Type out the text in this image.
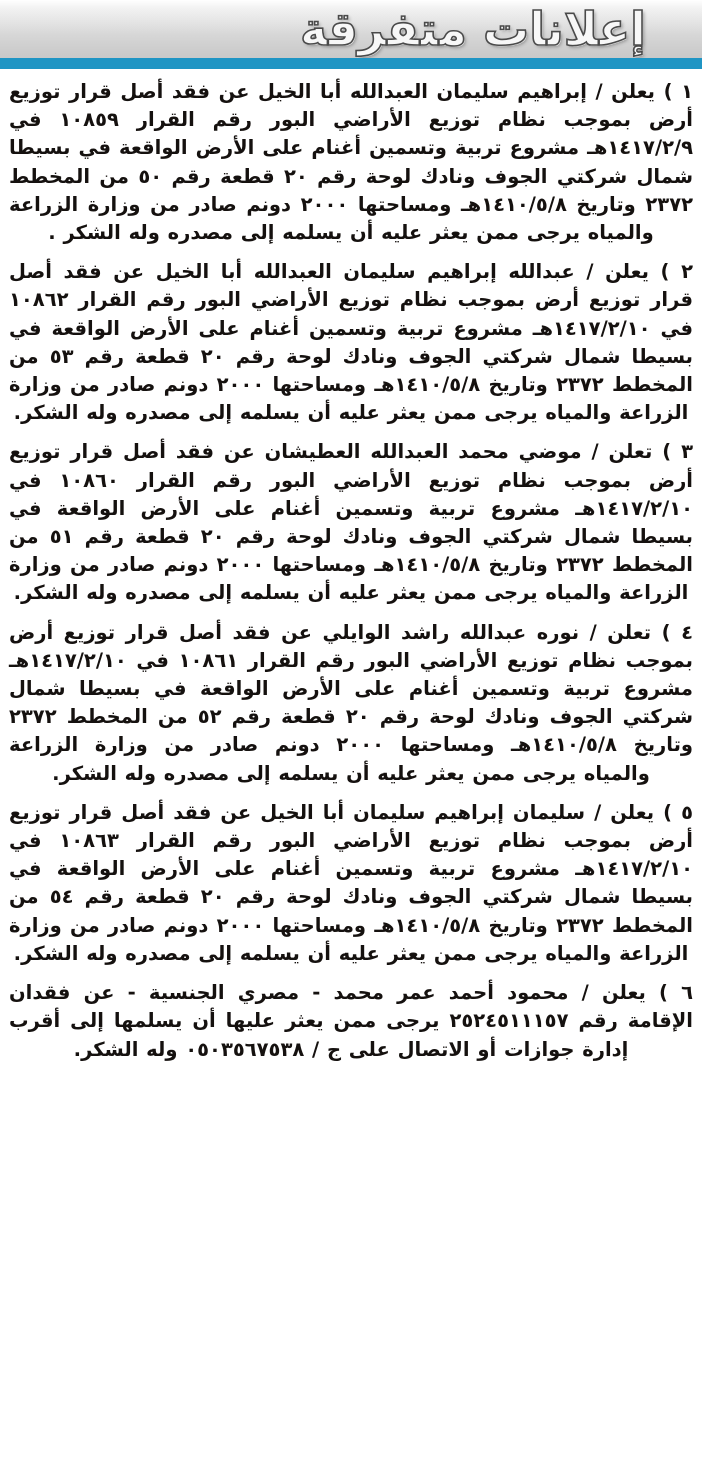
إعلانات متفرقة

١ ) يعلن / إبراهيم سليمان العبدالله أبا الخيل عن فقد أصل قرار توزيع أرض بموجب نظام توزيع الأراضي البور رقم القرار ١٠٨٥٩ في ١٤١٧/٢/٩هـ مشروع تربية وتسمين أغنام على الأرض الواقعة في بسيطا شمال شركتي الجوف ونادك لوحة رقم ٢٠ قطعة رقم ٥٠ من المخطط ٢٣٧٢ وتاريخ ١٤١٠/٥/٨هـ ومساحتها ٢٠٠٠ دونم صادر من وزارة الزراعة والمياه يرجى ممن يعثر عليه أن يسلمه إلى مصدره وله الشكر .

٢ ) يعلن / عبدالله إبراهيم سليمان العبدالله أبا الخيل عن فقد أصل قرار توزيع أرض بموجب نظام توزيع الأراضي البور رقم القرار ١٠٨٦٢ في ١٤١٧/٢/١٠هـ مشروع تربية وتسمين أغنام على الأرض الواقعة في بسيطا شمال شركتي الجوف ونادك لوحة رقم ٢٠ قطعة رقم ٥٣ من المخطط ٢٣٧٢ وتاريخ ١٤١٠/٥/٨هـ ومساحتها ٢٠٠٠ دونم صادر من وزارة الزراعة والمياه يرجى ممن يعثر عليه أن يسلمه إلى مصدره وله الشكر.

٣ ) تعلن / موضي محمد العبدالله العطيشان عن فقد أصل قرار توزيع أرض بموجب نظام توزيع الأراضي البور رقم القرار ١٠٨٦٠ في ١٤١٧/٢/١٠هـ مشروع تربية وتسمين أغنام على الأرض الواقعة في بسيطا شمال شركتي الجوف ونادك لوحة رقم ٢٠ قطعة رقم ٥١ من المخطط ٢٣٧٢ وتاريخ ١٤١٠/٥/٨هـ ومساحتها ٢٠٠٠ دونم صادر من وزارة الزراعة والمياه يرجى ممن يعثر عليه أن يسلمه إلى مصدره وله الشكر.

٤ ) تعلن / نوره عبدالله راشد الوايلي عن فقد أصل قرار توزيع أرض بموجب نظام توزيع الأراضي البور رقم القرار ١٠٨٦١ في ١٤١٧/٢/١٠هـ مشروع تربية وتسمين أغنام على الأرض الواقعة في بسيطا شمال شركتي الجوف ونادك لوحة رقم ٢٠ قطعة رقم ٥٢ من المخطط ٢٣٧٢ وتاريخ ١٤١٠/٥/٨هـ ومساحتها ٢٠٠٠ دونم صادر من وزارة الزراعة والمياه يرجى ممن يعثر عليه أن يسلمه إلى مصدره وله الشكر.

٥ ) يعلن / سليمان إبراهيم سليمان أبا الخيل عن فقد أصل قرار توزيع أرض بموجب نظام توزيع الأراضي البور رقم القرار ١٠٨٦٣ في ١٤١٧/٢/١٠هـ مشروع تربية وتسمين أغنام على الأرض الواقعة في بسيطا شمال شركتي الجوف ونادك لوحة رقم ٢٠ قطعة رقم ٥٤ من المخطط ٢٣٧٢ وتاريخ ١٤١٠/٥/٨هـ ومساحتها ٢٠٠٠ دونم صادر من وزارة الزراعة والمياه يرجى ممن يعثر عليه أن يسلمه إلى مصدره وله الشكر.

٦ ) يعلن / محمود أحمد عمر محمد - مصري الجنسية - عن فقدان الإقامة رقم ٢٥٢٤٥١١١٥٧ يرجى ممن يعثر عليها أن يسلمها إلى أقرب إدارة جوازات أو الاتصال على ج / ٠٥٠٣٥٦٧٥٣٨ وله الشكر.
